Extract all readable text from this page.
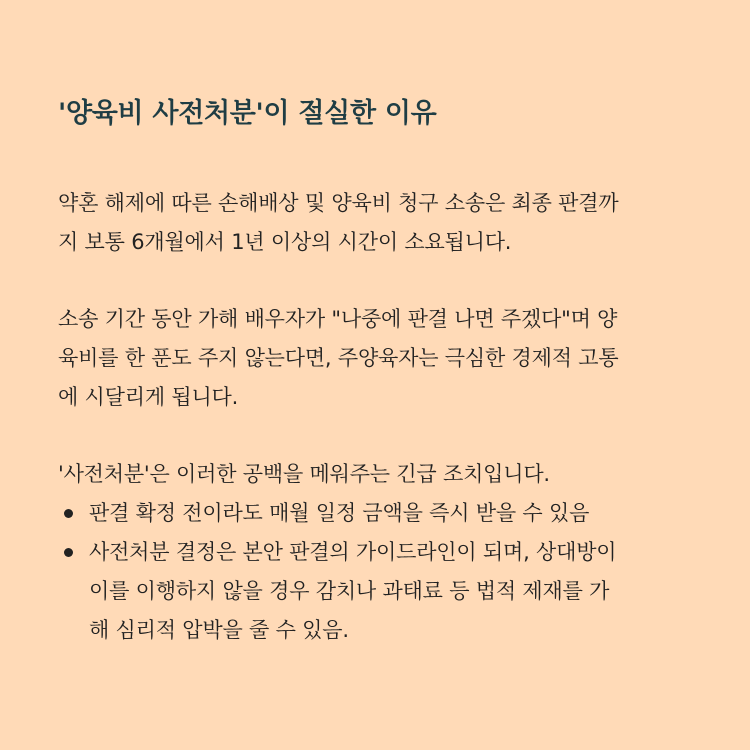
'양육비 사전처분'이 절실한 이유
약혼 해제에 따른 손해배상 및 양육비 청구 소송은 최종 판결까
지 보통 6개월에서 1년 이상의 시간이 소요됩니다.
소송 기간 동안 가해 배우자가 "나중에 판결 나면 주겠다"며 양
육비를 한 푼도 주지 않는다면, 주양육자는 극심한 경제적 고통
에 시달리게 됩니다.
'사전처분'은 이러한 공백을 메워주는 긴급 조치입니다.
판결 확정 전이라도 매월 일정 금액을 즉시 받을 수 있음
사전처분 결정은 본안 판결의 가이드라인이 되며, 상대방이
이를 이행하지 않을 경우 감치나 과태료 등 법적 제재를 가
해 심리적 압박을 줄 수 있음.
